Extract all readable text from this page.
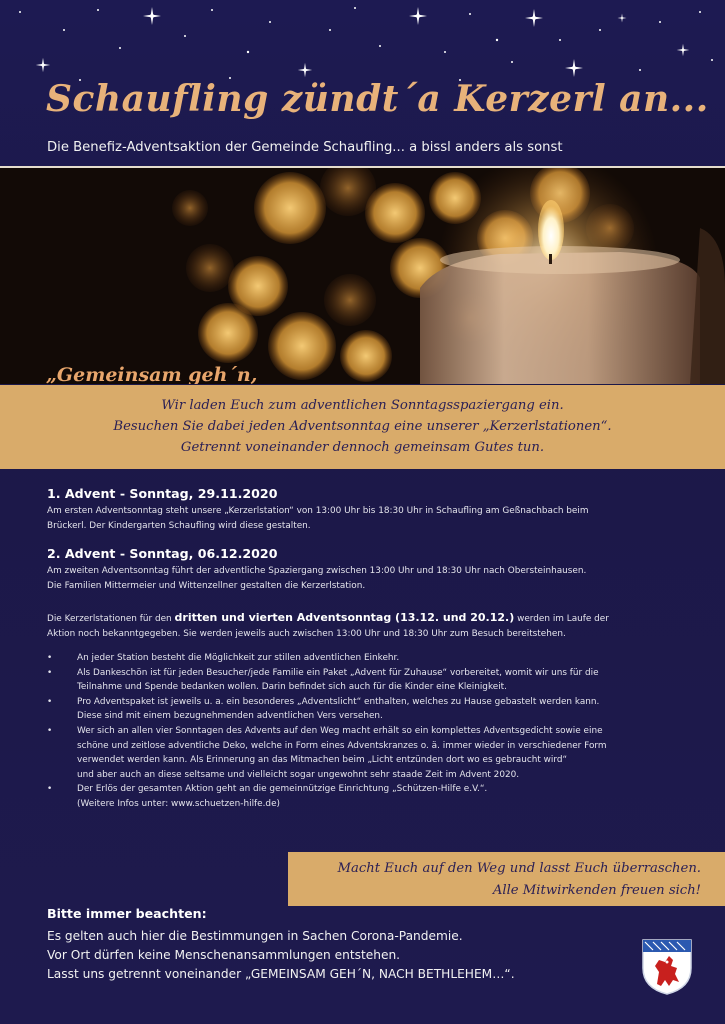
Schaufling zündt´a Kerzerl an...
Die Benefiz-Adventsaktion der Gemeinde Schaufling... a bissl anders als sonst
„Gemeinsam geh´n,

Wir laden Euch zum adventlichen Sonntagsspaziergang ein.

Besuchen Sie dabei jeden Adventsonntag eine unserer „Kerzerlstationen“.

Getrennt voneinander dennoch gemeinsam Gutes tun.

1. Advent - Sonntag, 29.11.2020

Am ersten Adventsonntag steht unsere „Kerzerlstation“ von 13:00 Uhr bis 18:30 Uhr in Schaufling am Geßnachbach beim

Brückerl. Der Kindergarten Schaufling wird diese gestalten.

2. Advent - Sonntag, 06.12.2020

Am zweiten Adventsonntag führt der adventliche Spaziergang zwischen 13:00 Uhr und 18:30 Uhr nach Obersteinhausen.

Die Familien Mittermeier und Wittenzellner gestalten die Kerzerlstation.

Die Kerzerlstationen für den dritten und vierten Adventsonntag (13.12. und 20.12.) werden im Laufe der

Aktion noch bekanntgegeben. Sie werden jeweils auch zwischen 13:00 Uhr und 18:30 Uhr zum Besuch bereitstehen.

• An jeder Station besteht die Möglichkeit zur stillen adventlichen Einkehr.
• Als Dankeschön ist für jeden Besucher/jede Familie ein Paket „Advent für Zuhause“ vorbereitet, womit wir uns für die
Teilnahme und Spende bedanken wollen. Darin befindet sich auch für die Kinder eine Kleinigkeit.
• Pro Adventspaket ist jeweils u. a. ein besonderes „Adventslicht“ enthalten, welches zu Hause gebastelt werden kann.
Diese sind mit einem bezugnehmenden adventlichen Vers versehen.
• Wer sich an allen vier Sonntagen des Advents auf den Weg macht erhält so ein komplettes Adventsgedicht sowie eine
schöne und zeitlose adventliche Deko, welche in Form eines Adventskranzes o. ä. immer wieder in verschiedener Form
verwendet werden kann. Als Erinnerung an das Mitmachen beim „Licht entzünden dort wo es gebraucht wird“
und aber auch an diese seltsame und vielleicht sogar ungewohnt sehr staade Zeit im Advent 2020.
• Der Erlös der gesamten Aktion geht an die gemeinnützige Einrichtung „Schützen-Hilfe e.V.“.
(Weitere Infos unter: www.schuetzen-hilfe.de)

Macht Euch auf den Weg und lasst Euch überraschen.

Alle Mitwirkenden freuen sich!

Bitte immer beachten:

Es gelten auch hier die Bestimmungen in Sachen Corona-Pandemie.

Vor Ort dürfen keine Menschenansammlungen entstehen.

Lasst uns getrennt voneinander „GEMEINSAM GEH´N, NACH BETHLEHEM…“.
